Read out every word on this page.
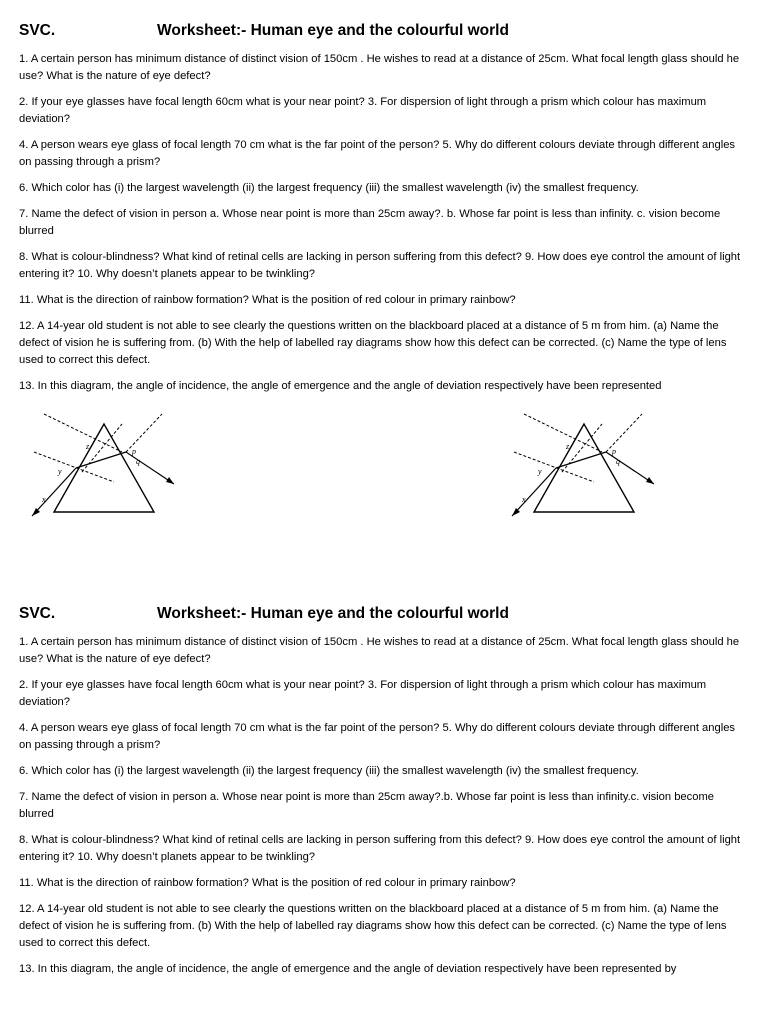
SVC.	Worksheet:- Human eye and the colourful world

1. A certain person has minimum distance of distinct vision of 150cm . He wishes to read at a distance of 25cm. What focal length glass should he use? What is the nature of eye defect?

2. If your eye glasses have focal length 60cm what is your near point? 3. For dispersion of light through a prism which colour has maximum deviation?

4. A person wears eye glass of focal length 70 cm what is the far point of the person? 5. Why do different colours deviate through different angles on passing through a prism?

6. Which color has (i) the largest wavelength (ii) the largest frequency (iii) the smallest wavelength (iv) the smallest frequency.

7. Name the defect of vision in person a. Whose near point is more than 25cm away?. b. Whose far point is less than infinity. c. vision become blurred

8. What is colour-blindness? What kind of retinal cells are lacking in person suffering from this defect? 9. How does eye control the amount of light entering it? 10. Why doesn’t planets appear to be twinkling?

11. What is the direction of rainbow formation? What is the position of red colour in primary rainbow?

12. A 14-year old student is not able to see clearly the questions written on the blackboard placed at a distance of 5 m from him. (a) Name the defect of vision he is suffering from. (b) With the help of labelled ray diagrams show how this defect can be corrected. (c) Name the type of lens used to correct this defect.

13. In this diagram, the angle of incidence, the angle of emergence and the angle of deviation respectively have been represented

y
x
z
p
q
y
x
z
p
q
SVC.	Worksheet:- Human eye and the colourful world

1. A certain person has minimum distance of distinct vision of 150cm . He wishes to read at a distance of 25cm. What focal length glass should he use? What is the nature of eye defect?

2. If your eye glasses have focal length 60cm what is your near point? 3. For dispersion of light through a prism which colour has maximum deviation?

4. A person wears eye glass of focal length 70 cm what is the far point of the person? 5. Why do different colours deviate through different angles on passing through a prism?

6. Which color has (i) the largest wavelength (ii) the largest frequency (iii) the smallest wavelength (iv) the smallest frequency.

7. Name the defect of vision in person a. Whose near point is more than 25cm away?.b. Whose far point is less than infinity.c. vision become blurred

8. What is colour-blindness? What kind of retinal cells are lacking in person suffering from this defect? 9. How does eye control the amount of light entering it? 10. Why doesn’t planets appear to be twinkling?

11. What is the direction of rainbow formation? What is the position of red colour in primary rainbow?

12. A 14-year old student is not able to see clearly the questions written on the blackboard placed at a distance of 5 m from him. (a) Name the defect of vision he is suffering from. (b) With the help of labelled ray diagrams show how this defect can be corrected. (c) Name the type of lens used to correct this defect.

13. In this diagram, the angle of incidence, the angle of emergence and the angle of deviation respectively have been represented by
